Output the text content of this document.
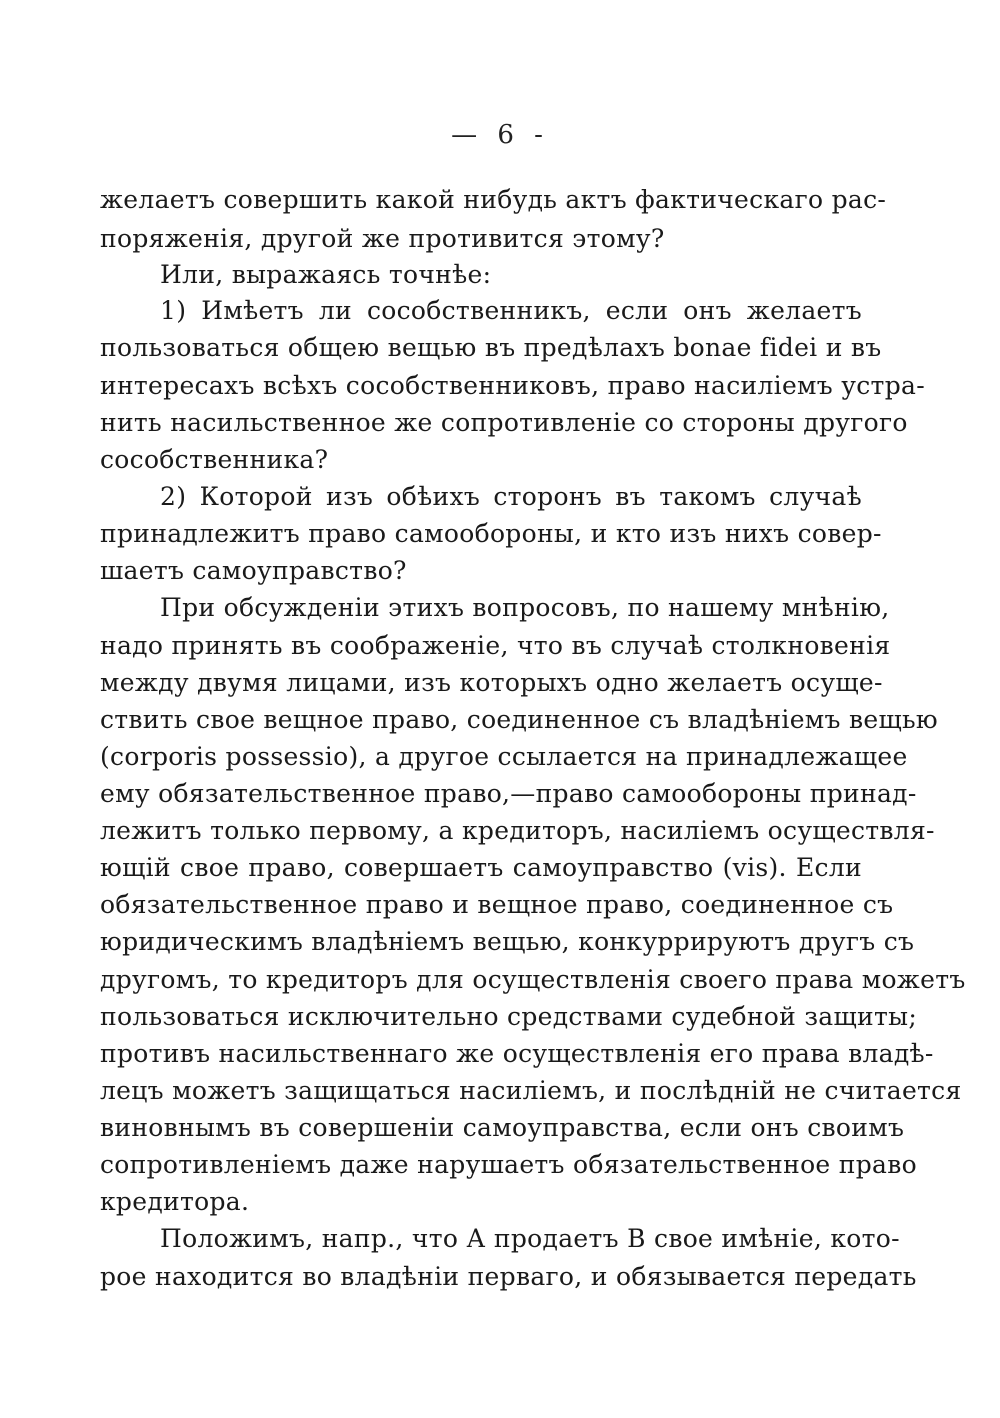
— 6 -
желаетъ совершить какой нибудь актъ фактическаго рас-
поряженія, другой же противится этому?
Или, выражаясь точнѣе:
1) Имѣетъ ли сособственникъ, если онъ желаетъ
пользоваться общею вещью въ предѣлахъ bonae fidei и въ
интересахъ всѣхъ сособственниковъ, право насиліемъ устра-
нить насильственное же сопротивленіе со стороны другого
сособственника?
2) Которой изъ обѣихъ сторонъ въ такомъ случаѣ
принадлежитъ право самообороны, и кто изъ нихъ совер-
шаетъ самоуправство?
При обсужденіи этихъ вопросовъ, по нашему мнѣнію,
надо принять въ соображеніе, что въ случаѣ столкновенія
между двумя лицами, изъ которыхъ одно желаетъ осуще-
ствить свое вещное право, соединенное съ владѣніемъ вещью
(corporis possessio), а другое ссылается на принадлежащее
ему обязательственное право,—право самообороны принад-
лежитъ только первому, а кредиторъ, насиліемъ осуществля-
ющій свое право, совершаетъ самоуправство (vis). Если
обязательственное право и вещное право, соединенное съ
юридическимъ владѣніемъ вещью, конкуррируютъ другъ съ
другомъ, то кредиторъ для осуществленія своего права можетъ
пользоваться исключительно средствами судебной защиты;
противъ насильственнаго же осуществленія его права владѣ-
лецъ можетъ защищаться насиліемъ, и послѣдній не считается
виновнымъ въ совершеніи самоуправства, если онъ своимъ
сопротивленіемъ даже нарушаетъ обязательственное право
кредитора.
Положимъ, напр., что А продаетъ В свое имѣніе, кото-
рое находится во владѣніи перваго, и обязывается передать
